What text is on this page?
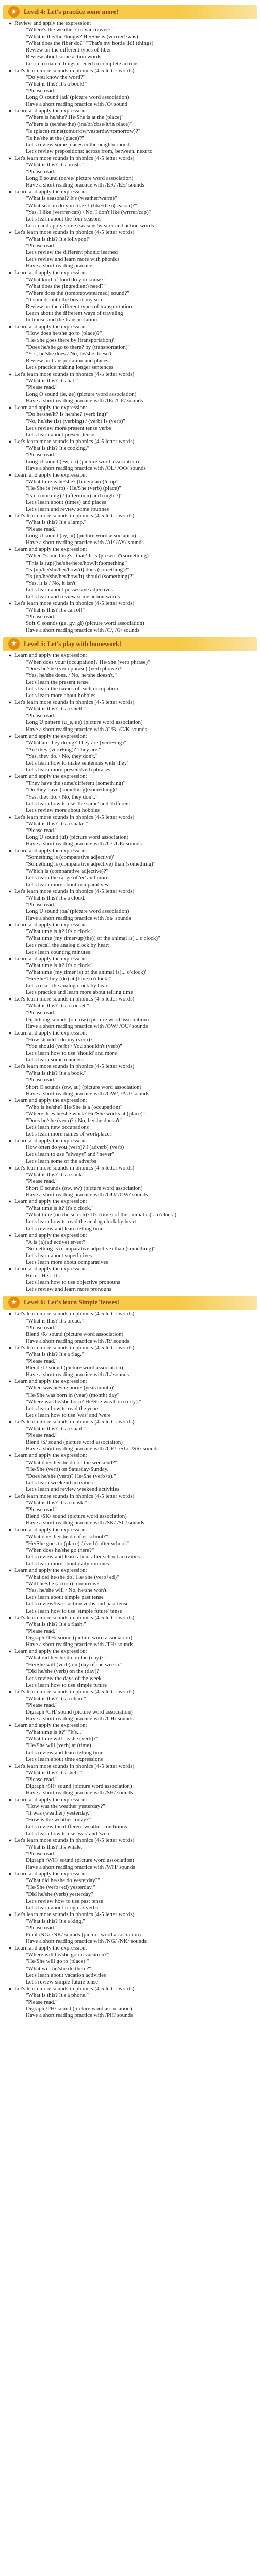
★	Level 4: Let's practice some more!
● Review and apply the expression:
"Where's the weather? in Vancouver?"
"What is the/the /tongis? He/She is (verrrer!/was)
"What does the fiber do?" "That's my bottle lid! (things)"
Review on the different types of fiber
Review about some action words
Learn to match things needed to complete actions
● Let's learn more sounds in phonics (4-5 letter words)
"Do you know the word?"
"What is this? It's a book!"
"Please read."
Long O sound (ad/ (picture word association)
Have a short reading practice with /O/ sound
● Learn and apply the expression:
"Where is he/she? He/She is at the (place)"
"Where is (se/she/the) (ins/or/cbse/it/in place)"
"Is (place) mine(tomorrow/yesterday/tomorrow)?"
"Is he/she at the (place)?"
Let's review some places in the neighborhood
Let's review prepositions: across from, between, next to
● Let's learn more sounds in phonics (4-5 letter words)
"What is this? It's brush."
"Please read."
Long E sound (oa/ee/ picture word association)
Have a short reading practice with /ER/ /EE/ sounds
● Learn and apply the expression:
"What is seasonal? It's (weather/warm)"
"What season do you like? I (like/the) (season)?"
"Yes, I like (verrrer/cap) / No, I don't like (wrrrer/cap)"
Let's learn about the four seasons
Learn and apply some (seasons/wearer and action words
● Let's learn more sounds in phonics (4-5 letter words)
"What is this? It's lollypop!"
"Please read."
Let's review the different phonic learned
Let's review and learn more with phonics
Have a short reading practice
● Learn and apply the expression:
"What kind of food do you know?"
"What does the (ingredient) need?"
"Where does the (tomorrowsteamed) sound?"
"It sounds onto the bread. my son."
Review on the different types of transportation
Learn about the different ways of traveling
In transit and the transportation
● Learn and apply the expression:
"How does he/she go to (place)?"
"He/She goes there by (transportation)"
"Does he/she go to there? by (transportation)"
"Yes, he/she does / No, he/she doesn't"
Review on transportation and places
Let's practice making longer sentences
● Let's learn more sounds in phonics (4-5 letter words)
"What is this? It's hat."
"Please read."
Long O sound (ie, ue) (picture word association)
Have a short reading practice with /IE/ /UE/ sounds
● Learn and apply the expression:
"Do he/she/it? Is he/she? (verb ing)"
"No, he/she (is) (verbing) / (verb) Is (verb)"
Let's review more present tense verbs
Let's learn about present tense
● Let's learn more sounds in phonics (4-5 letter words)
"What is this? It's cooking."
"Please read."
Long U sound (ew, oo) (picture word association)
Have a short reading practice with /OL/ /OO/ sounds
● Learn and apply the expression:
"What time is he/she? (time/place)/crop"
"He/She is (verb) / He/She (verb) (place)"
"Is it (morning) / (afternoon) and (night?)"
Let's learn about (times) and places
Let's learn and review some routines
● Let's learn more sounds in phonics (4-5 letter words)
"What is this? It's a lamp."
"Please read."
Long U sound (ay, ai) (picture word association)
Have a short reading practice with /AI/ /AY/ sounds
● Learn and apply the expression:
"When "something's" that? It is (present)"(something)
"This is (up)(he/she/here/how/it)'something"
"Is (up/he/she/her/how/it) does (something)?"
"Is (up/he/she/her/how/it) should (something)?"
"Yes, it is / No, it isn't"
Let's learn about possessive adjectives
Let's learn and review some action words
● Let's learn more sounds in phonics (4-5 letter words)
"What is this? It's carrot!"
"Please read."
Soft C sounds (ge, gy, gi) (picture word association)
Have a short reading practice with /C/, /G/ sounds
★	Level 5: Let's play with homework!
● Learn and apply the expression:
"When does your (occupation)? He/She (verb phrase)"
"Does he/she (verb phrase) (verb phrase)?"
"Yes, he/she does. / No, he/she doesn't."
Let's learn the present tense
Let's learn the names of each occupation
Let's learn more about hobbies
● Let's learn more sounds in phonics (4-5 letter words)
"What is this? It's a shell."
"Please read."
Long U pattern (u_e, ue) (picture word association)
Have a short reading practice with /C/B, /C/K sounds
● Learn and apply the expression:
"What are they doing? They are (verb+ing)"
"Are they (verb+ing)? They are."
"Yes, they do. / No, they don't."
Let's learn how to make sentences with 'they'
Let's learn more present/verb phrases
● Learn and apply the expression:
"They have the same/different (something)"
"Do they have (something)(something)?"
"Yes, they do. / No, they don't."
Let's learn how to use 'the same' and 'different'
Let's review more about hobbies
● Let's learn more sounds in phonics (4-5 letter words)
"What is this? It's a snake."
"Please read."
Long U sound (ui) (picture word association)
Have a short reading practice with /U/ /UE/ sounds
● Learn and apply the expression:
"Something is (comparative adjective)"
"Something is (comparative adjective) than (something)"
"Which is (comparative adjective)?"
Let's learn the range of 'er' and more
Let's learn more about comparatives
● Let's learn more sounds in phonics (4-5 letter words)
"What is this? It's a cloud."
"Please read."
Long U sound (oa/ (picture word association)
Have a short reading practice with /oa/ sounds
● Learn and apply the expression:
"What time is it? It's o'clock."
"What time (my timer/up(the)) of the animal is(... o'clock)"
Let's recall the analog clock by heart
Let's learn counting minutes
● Learn and apply the expression:
"What time is it? It's o'clock."
"What time (my timer is) of the animal is(... o'clock)"
"He/She/They (do) at (time) o'clock."
Let's recall the analog clock by heart
Let's practice and learn more about telling time
● Let's learn more sounds in phonics (4-5 letter words)
"What is this? It's a rocket."
"Please read."
Diphthong sounds (ou, ow) (picture word association)
Have a short reading practice with /OW/ /OU/ sounds
● Learn and apply the expression:
"How should I do my (verb)?"
"You should (verb) / You shouldn't (verb)"
Let's learn how to use 'should' and more
Let's learn some manners
● Let's learn more sounds in phonics (4-5 letter words)
"What is this? It's a book."
"Please read."
Short O sounds (ow, au) (picture word association)
Have a short reading practice with /OW/, /AU/ sounds
● Learn and apply the expression:
"Who is he/she? He/She is a (occupation)"
"Where does he/she work? He/She works at (place)"
"Does he/she (verb)? / No, he/she doesn't"
Let's learn new occupations
Let's learn more names of workplaces
● Learn and apply the expression:
How often do you (verb)? I (adverb) (verb)
Let's learn to use "always" and "never"
Let's learn some of the adverbs
● Let's learn more sounds in phonics (4-5 letter words)
"What is this? It's a sock."
"Please read."
Short O sounds (ow, ew) (picture word association)
Have a short reading practice with /OU/ /OW/ sounds
● Learn and apply the expression:
"What time is it? It's o'clock."
"What time (on the screen)? It's (time) of the animal is(... o'clock.)"
Let's learn how to read the analog clock by heart
Let's review and learn telling time
● Learn and apply the expression:
"A is (a)(adjective) er/est"
"Something is (comparative adjective) than (something)"
Let's learn about superlatives
Let's learn more about comparatives
● Learn and apply the expression:
Him... He... It...
Let's learn how to use objective pronouns
Let's review and learn more pronouns
★	Level 6: Let's learn Simple Tenses!
● Let's learn more sounds in phonics (4-5 letter words)
"What is this? It's bread."
"Please read."
Blend /R/ sound (picture word association)
Have a short reading practice with /R/ sounds
● Let's learn more sounds in phonics (4-5 letter words)
"What is this? It's a flag."
"Please read."
Blend /L/ sound (picture word association)
Have a short reading practice with /L/ sounds
● Learn and apply the expression:
"When was he/she born? (year/month)"
"He/She was born in (year) (month) day"
"Where was he/she born? He/She was born (city)."
Let's learn how to read the years
Let's learn how to use 'was' and 'were'
● Let's learn more sounds in phonics (4-5 letter words)
"What is this? It's a snail."
"Please read."
Blend /S/ sound (picture word association)
Have a short reading practice with /CR/, /SL/, /SR/ sounds
● Learn and apply the expression:
"What does he/she do on the weekend?"
"He/She (verb) on Saturday/Sunday."
"Does he/she (verb)? He/She (verb+s)."
Let's learn weekend activities
Let's learn and review weekend activities
● Let's learn more sounds in phonics (4-5 letter words)
"What is this? It's a mask."
"Please read."
Blend /SK/ sound (picture word association)
Have a short reading practice with /SK/ /SC/ sounds
● Learn and apply the expression:
"What does he/she do after school?"
"He/She goes to (place) / (verb) after school."
"When does he/she go there?"
Let's review and learn about after school activities
Let's learn more about daily routines
● Learn and apply the expression:
"What did he/she do? He/She (verb+ed)"
"Will he/she (action) tomorrow?"
"Yes, he/she will / No, he/she won't"
Let's learn about simple past tense
Let's review/learn action verbs and past tense
Let's learn how to use 'simple future' tense
● Let's learn more sounds in phonics (4-5 letter words)
"What is this? It's a flash."
"Please read."
Digraph /TH/ sound (picture word association)
Have a short reading practice with /TH/ sounds
● Learn and apply the expression:
"What did he/she do on the (day)?"
"He/She will (verb) on (day of the week)."
"Did he/she (verb) on the (day)?"
Let's review the days of the week
Let's learn how to use simple future
● Let's learn more sounds in phonics (4-5 letter words)
"What is this? It's a chair."
"Please read."
Digraph /CH/ sound (picture word association)
Have a short reading practice with /CH/ sounds
● Learn and apply the expression:
"What time is it?" "It's..."
"What time will he/she (verb)?"
"He/She will (verb) at (time)."
Let's review and learn telling time
Let's learn about time expressions
● Let's learn more sounds in phonics (4-5 letter words)
"What is this? It's shell."
"Please read."
Digraph /SH/ sound (picture word association)
Have a short reading practice with /SH/ sounds
● Learn and apply the expression:
"How was the weather yesterday?"
"It was (weather) yesterday."
"How is the weather today?"
Let's review the different weather conditions
Let's learn how to use 'was' and 'were'
● Let's learn more sounds in phonics (4-5 letter words)
"What is this? It's whale."
"Please read."
Digraph /WH/ sound (picture word association)
Have a short reading practice with /WH/ sounds
● Learn and apply the expression:
"What did he/she do yesterday?"
"He/She (verb+ed) yesterday."
"Did he/she (verb) yesterday?"
Let's review how to use past tense
Let's learn about irregular verbs
● Let's learn more sounds in phonics (4-5 letter words)
"What is this? It's a king."
"Please read."
Final /NG/ /NK/ sounds (picture word association)
Have a short reading practice with /NG/ /NK/ sounds
● Learn and apply the expression:
"Where will he/she go on vacation?"
"He/She will go to (place)."
"What will he/she do there?"
Let's learn about vacation activities
Let's review simple future tense
● Let's learn more sounds in phonics (4-5 letter words)
"What is this? It's a phone."
"Please read."
Digraph /PH/ sound (picture word association)
Have a short reading practice with /PH/ sounds
